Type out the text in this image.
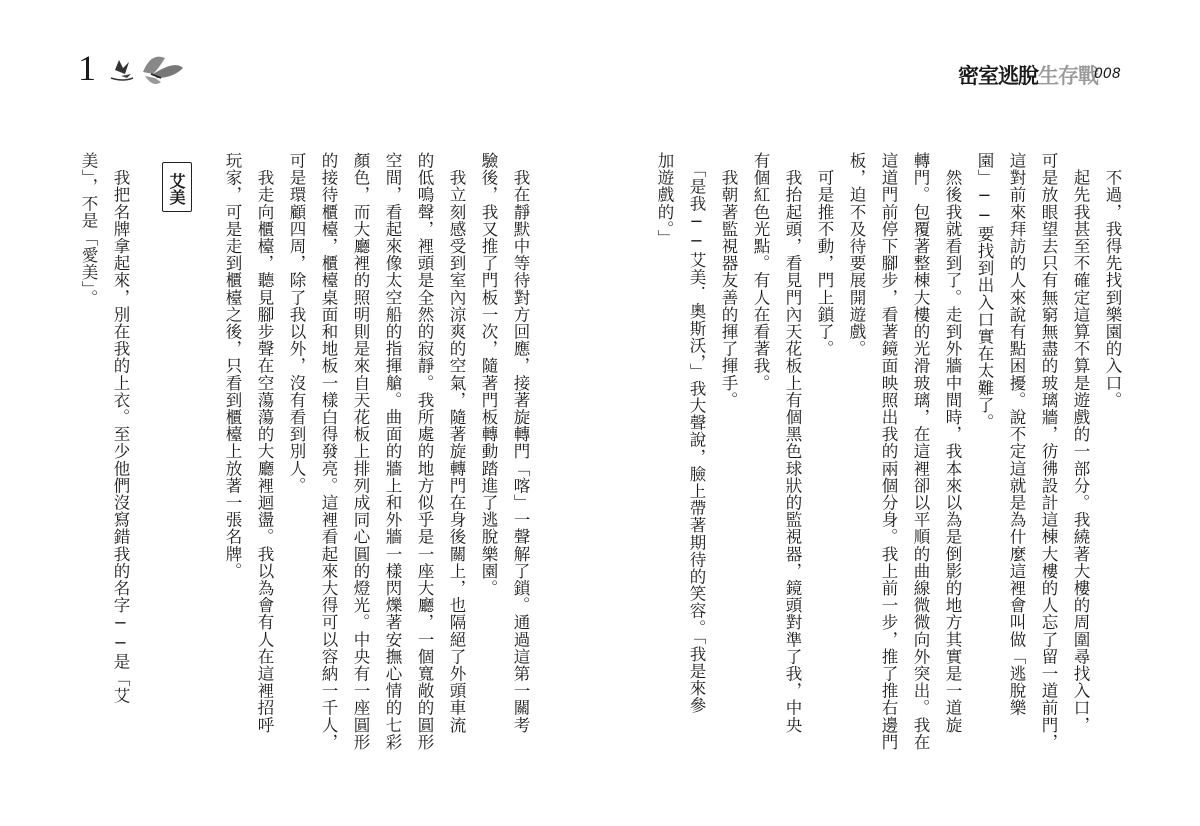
1	密室逃脫生存戰
008
艾美	　不過，我得先找到樂園的入口。
　起先我甚至不確定這算不算是遊戲的一部分。我繞著大樓的周圍尋找入口，
可是放眼望去只有無窮無盡的玻璃牆，彷彿設計這棟大樓的人忘了留一道前門，
這對前來拜訪的人來說有點困擾。說不定這就是為什麼這裡會叫做「逃脫樂
園」──要找到出入口實在太難了。
　然後我就看到了。走到外牆中間時，我本來以為是倒影的地方其實是一道旋
轉門。包覆著整棟大樓的光滑玻璃，在這裡卻以平順的曲線微微向外突出。我在
這道門前停下腳步，看著鏡面映照出我的兩個分身。我上前一步，推了推右邊門
板，迫不及待要展開遊戲。
　可是推不動，門上鎖了。
　我抬起頭，看見門內天花板上有個黑色球狀的監視器，鏡頭對準了我，中央
有個紅色光點。有人在看著我。
　我朝著監視器友善的揮了揮手。
　「是我──艾美．奧斯沃，」我大聲說，臉上帶著期待的笑容。「我是來參
加遊戲的。」
　我在靜默中等待對方回應，接著旋轉門「喀」一聲解了鎖。通過這第一關考
驗後，我又推了門板一次，隨著門板轉動踏進了逃脫樂園。
　我立刻感受到室內涼爽的空氣，隨著旋轉門在身後關上，也隔絕了外頭車流
的低鳴聲，裡頭是全然的寂靜。我所處的地方似乎是一座大廳，一個寬敞的圓形
空間，看起來像太空船的指揮艙。曲面的牆上和外牆一樣閃爍著安撫心情的七彩
顏色，而大廳裡的照明則是來自天花板上排列成同心圓的燈光。中央有一座圓形
的接待櫃檯，櫃檯桌面和地板一樣白得發亮。這裡看起來大得可以容納一千人，
可是環顧四周，除了我以外，沒有看到別人。
　我走向櫃檯，聽見腳步聲在空蕩蕩的大廳裡迴盪。我以為會有人在這裡招呼
玩家，可是走到櫃檯之後，只看到櫃檯上放著一張名牌。
　我把名牌拿起來，別在我的上衣。至少他們沒寫錯我的名字──是「艾
美」，不是「愛美」。
